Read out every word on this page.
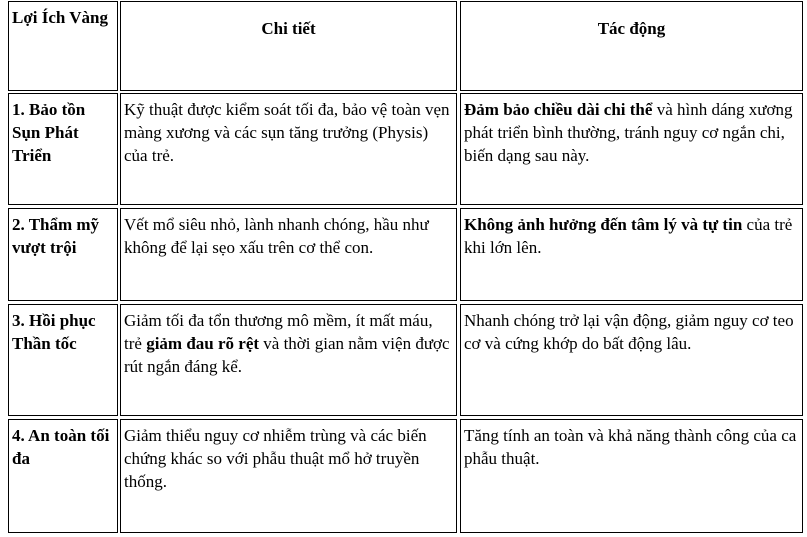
Lợi Ích Vàng
Chi tiết	Tác động
1. Bảo tồn Sụn Phát Triển
Kỹ thuật được kiểm soát tối đa, bảo vệ toàn vẹn màng xương và các sụn tăng trưởng (Physis) của trẻ.
Đảm bảo chiều dài chi thể và hình dáng xương phát triển bình thường, tránh nguy cơ ngắn chi, biến dạng sau này.
2. Thẩm mỹ vượt trội
Vết mổ siêu nhỏ, lành nhanh chóng, hầu như không để lại sẹo xấu trên cơ thể con.
Không ảnh hưởng đến tâm lý và tự tin của trẻ khi lớn lên.
3. Hồi phục Thần tốc
Giảm tối đa tổn thương mô mềm, ít mất máu, trẻ giảm đau rõ rệt và thời gian nằm viện được rút ngắn đáng kể.
Nhanh chóng trở lại vận động, giảm nguy cơ teo cơ và cứng khớp do bất động lâu.
4. An toàn tối đa
Giảm thiểu nguy cơ nhiễm trùng và các biến chứng khác so với phẫu thuật mổ hở truyền thống.
Tăng tính an toàn và khả năng thành công của ca phẫu thuật.
